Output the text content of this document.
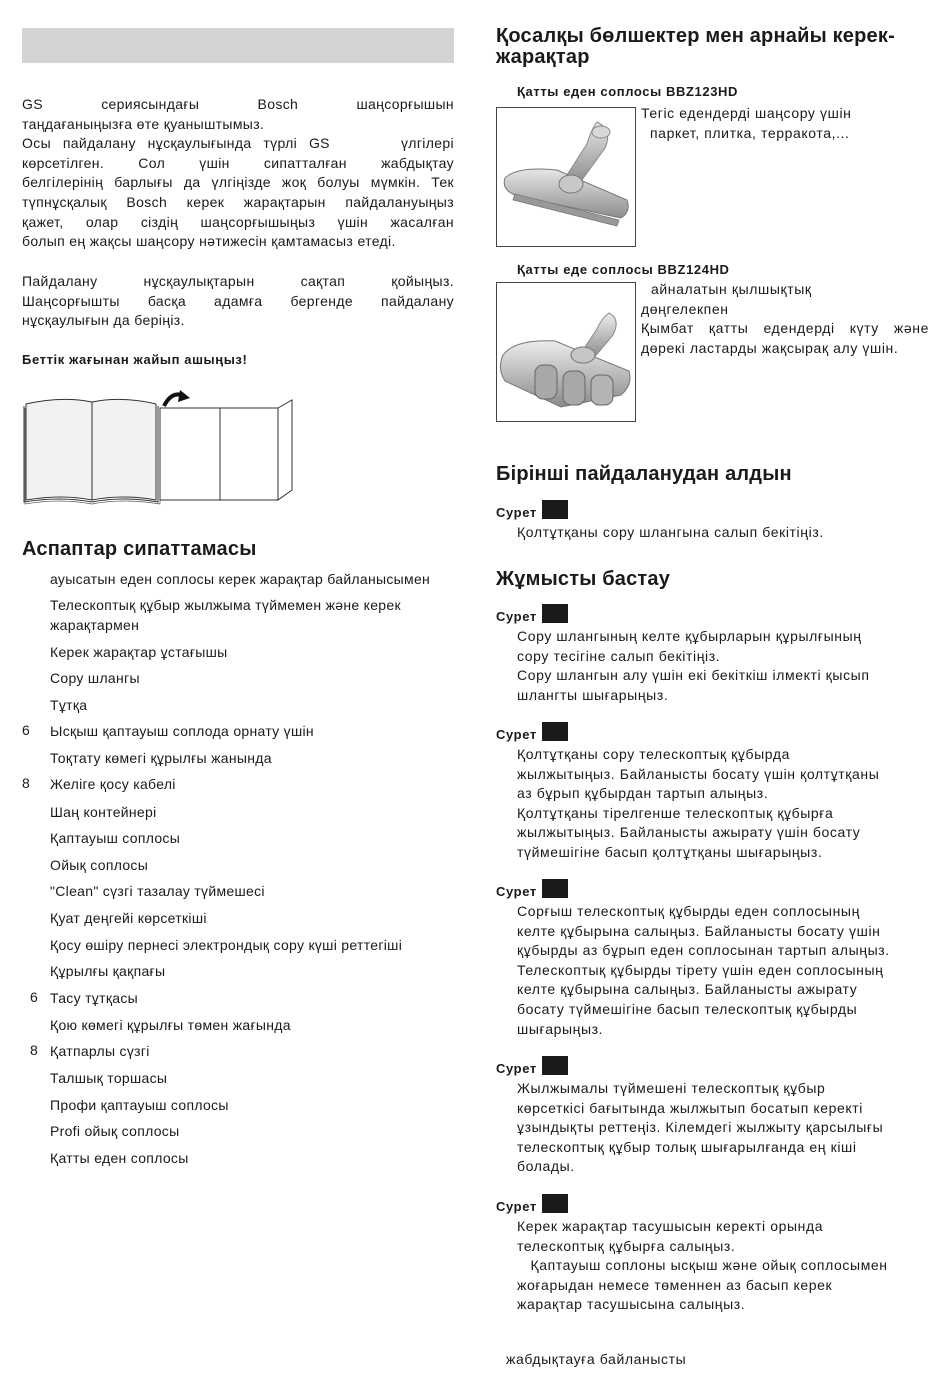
GS	сериясындағы	Bosch	шаңсорғышын
таңдағаныңызға өте қуаныштымыз.
Осы пайдалану нұсқаулығында түрлі GS      үлгілері
көрсетілген. Сол үшін сипатталған жабдықтау
белгілерінің барлығы да үлгіңізде жоқ болуы мүмкін. Тек
түпнұсқалық Bosch керек жарақтарын пайдалануыңыз
қажет, олар сіздің шаңсорғышыңыз үшін жасалған
болып ең жақсы шаңсору нәтижесін қамтамасыз етеді.
Пайдалану	нұсқаулықтарын	сақтап	қойыңыз.
Шаңсорғышты басқа адамға бергенде пайдалану
нұсқаулығын да беріңіз.
Беттік жағынан жайып ашыңыз!
Аспаптар сипаттамасы
ауысатын еден соплосы керек жарақтар байланысымен
Телескоптық құбыр жылжыма түймемен және керек жарақтармен
Керек жарақтар ұстағышы
Сору шлангы
Тұтқа
6 Ысқыш қаптауыш соплода орнату үшін
Тоқтату көмегі құрылғы жанында
8 Желіге қосу кабелі
Шаң контейнері
Қаптауыш соплосы
Ойық соплосы
"Clean" сүзгі тазалау түймешесі
Қуат деңгейі көрсеткіші
Қосу өшіру пернесі электрондық сору күші реттегіші
Құрылғы қақпағы
6 Тасу тұтқасы
Қою көмегі құрылғы төмен жағында
8 Қатпарлы сүзгі
Талшық торшасы
Профи қаптауыш соплосы
Profi ойық соплосы
Қатты еден соплосы
Қосалқы бөлшектер мен арнайы керек-
жарақтар
Қатты еден соплосы BBZ123HD
Тегіс едендерді шаңсору үшін
паркет, плитка, терракота,...
Қатты еде соплосы BBZ124HD
айналатын қылшықтық
дөңгелекпен
Қымбат қатты едендерді күту және
дөрекі ластарды жақсырақ алу үшін.
Бірінші пайдаланудан алдын
Сурет
Қолтұтқаны сору шлангына салып бекітіңіз.
Жұмысты бастау
Сурет
Сору шлангының келте құбырларын құрылғының
сору тесігіне салып бекітіңіз.
Сору шлангын алу үшін екі бекіткіш ілмекті қысып
шлангты шығарыңыз.
Сурет
Қолтұтқаны сору телескоптық құбырда
жылжытыңыз. Байланысты босату үшін қолтұтқаны
аз бұрып құбырдан тартып алыңыз.
Қолтұтқаны тірелгенше телескоптық құбырға
жылжытыңыз. Байланысты ажырату үшін босату
түймешігіне басып қолтұтқаны шығарыңыз.
Сурет
Сорғыш телескоптық құбырды еден соплосының
келте құбырына салыңыз. Байланысты босату үшін
құбырды аз бұрып еден соплосынан тартып алыңыз.
Телескоптық құбырды тірету үшін еден соплосының
келте құбырына салыңыз. Байланысты ажырату
босату түймешігіне басып телескоптық құбырды
шығарыңыз.
Сурет
Жылжымалы түймешені телескоптық құбыр
көрсеткісі бағытында жылжытып босатып керекті
ұзындықты реттеңіз. Кілемдегі жылжыту қарсылығы
телескоптық құбыр толық шығарылғанда ең кіші
болады.
Сурет
Керек жарақтар тасушысын керекті орында
телескоптық құбырға салыңыз.
Қаптауыш соплоны ысқыш және ойық соплосымен
жоғарыдан немесе төменнен аз басып керек
жарақтар тасушысына салыңыз.
жабдықтауға байланысты
